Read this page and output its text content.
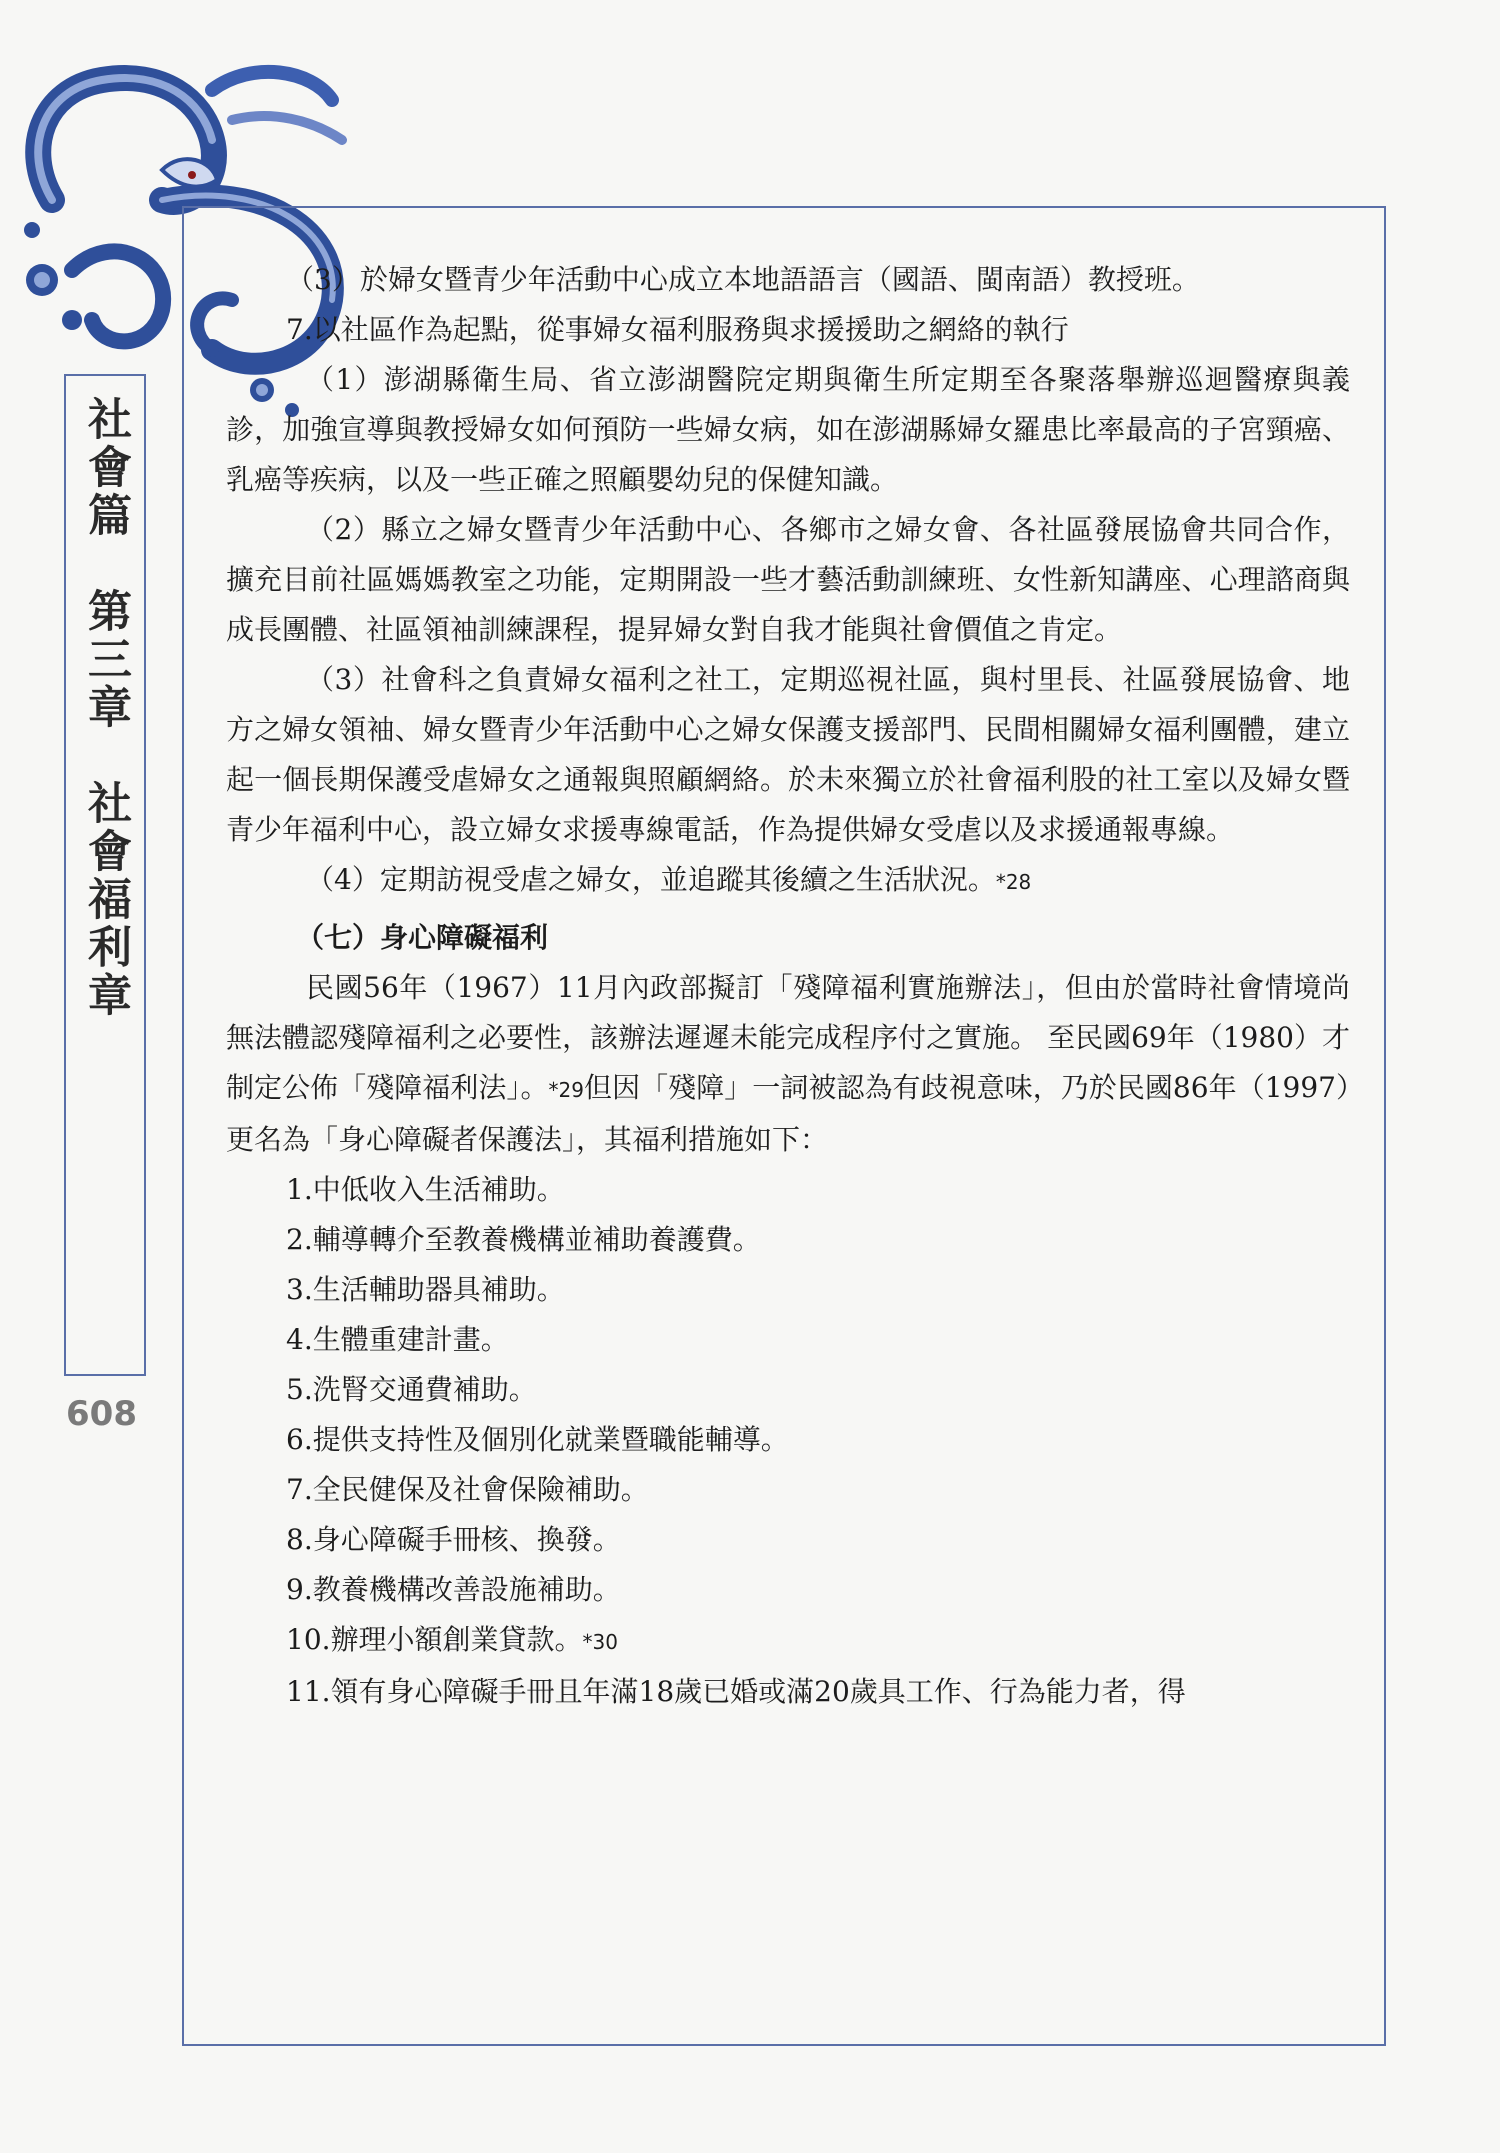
社會篇　第三章　社會福利章
608

（3）於婦女暨青少年活動中心成立本地語語言（國語、閩南語）教授班。

7.以社區作為起點，從事婦女福利服務與求援援助之網絡的執行

（1）澎湖縣衛生局、省立澎湖醫院定期與衛生所定期至各聚落舉辦巡迴醫療與義診，加強宣導與教授婦女如何預防一些婦女病，如在澎湖縣婦女羅患比率最高的子宮頸癌、乳癌等疾病，以及一些正確之照顧嬰幼兒的保健知識。

（2）縣立之婦女暨青少年活動中心、各鄉市之婦女會、各社區發展協會共同合作，擴充目前社區媽媽教室之功能，定期開設一些才藝活動訓練班、女性新知講座、心理諮商與成長團體、社區領袖訓練課程，提昇婦女對自我才能與社會價值之肯定。

（3）社會科之負責婦女福利之社工，定期巡視社區，與村里長、社區發展協會、地方之婦女領袖、婦女暨青少年活動中心之婦女保護支援部門、民間相關婦女福利團體，建立起一個長期保護受虐婦女之通報與照顧網絡。於未來獨立於社會福利股的社工室以及婦女暨青少年福利中心，設立婦女求援專線電話，作為提供婦女受虐以及求援通報專線。

（4）定期訪視受虐之婦女，並追蹤其後續之生活狀況。*28

（七）身心障礙福利

民國56年（1967）11月內政部擬訂「殘障福利實施辦法」，但由於當時社會情境尚無法體認殘障福利之必要性，該辦法遲遲未能完成程序付之實施。 至民國69年（1980）才制定公佈「殘障福利法」。*29但因「殘障」一詞被認為有歧視意味，乃於民國86年（1997）更名為「身心障礙者保護法」，其福利措施如下：

1.中低收入生活補助。

2.輔導轉介至教養機構並補助養護費。

3.生活輔助器具補助。

4.生體重建計畫。

5.洗腎交通費補助。

6.提供支持性及個別化就業暨職能輔導。

7.全民健保及社會保險補助。

8.身心障礙手冊核、換發。

9.教養機構改善設施補助。

10.辦理小額創業貸款。*30

11.領有身心障礙手冊且年滿18歲已婚或滿20歲具工作、行為能力者，得
